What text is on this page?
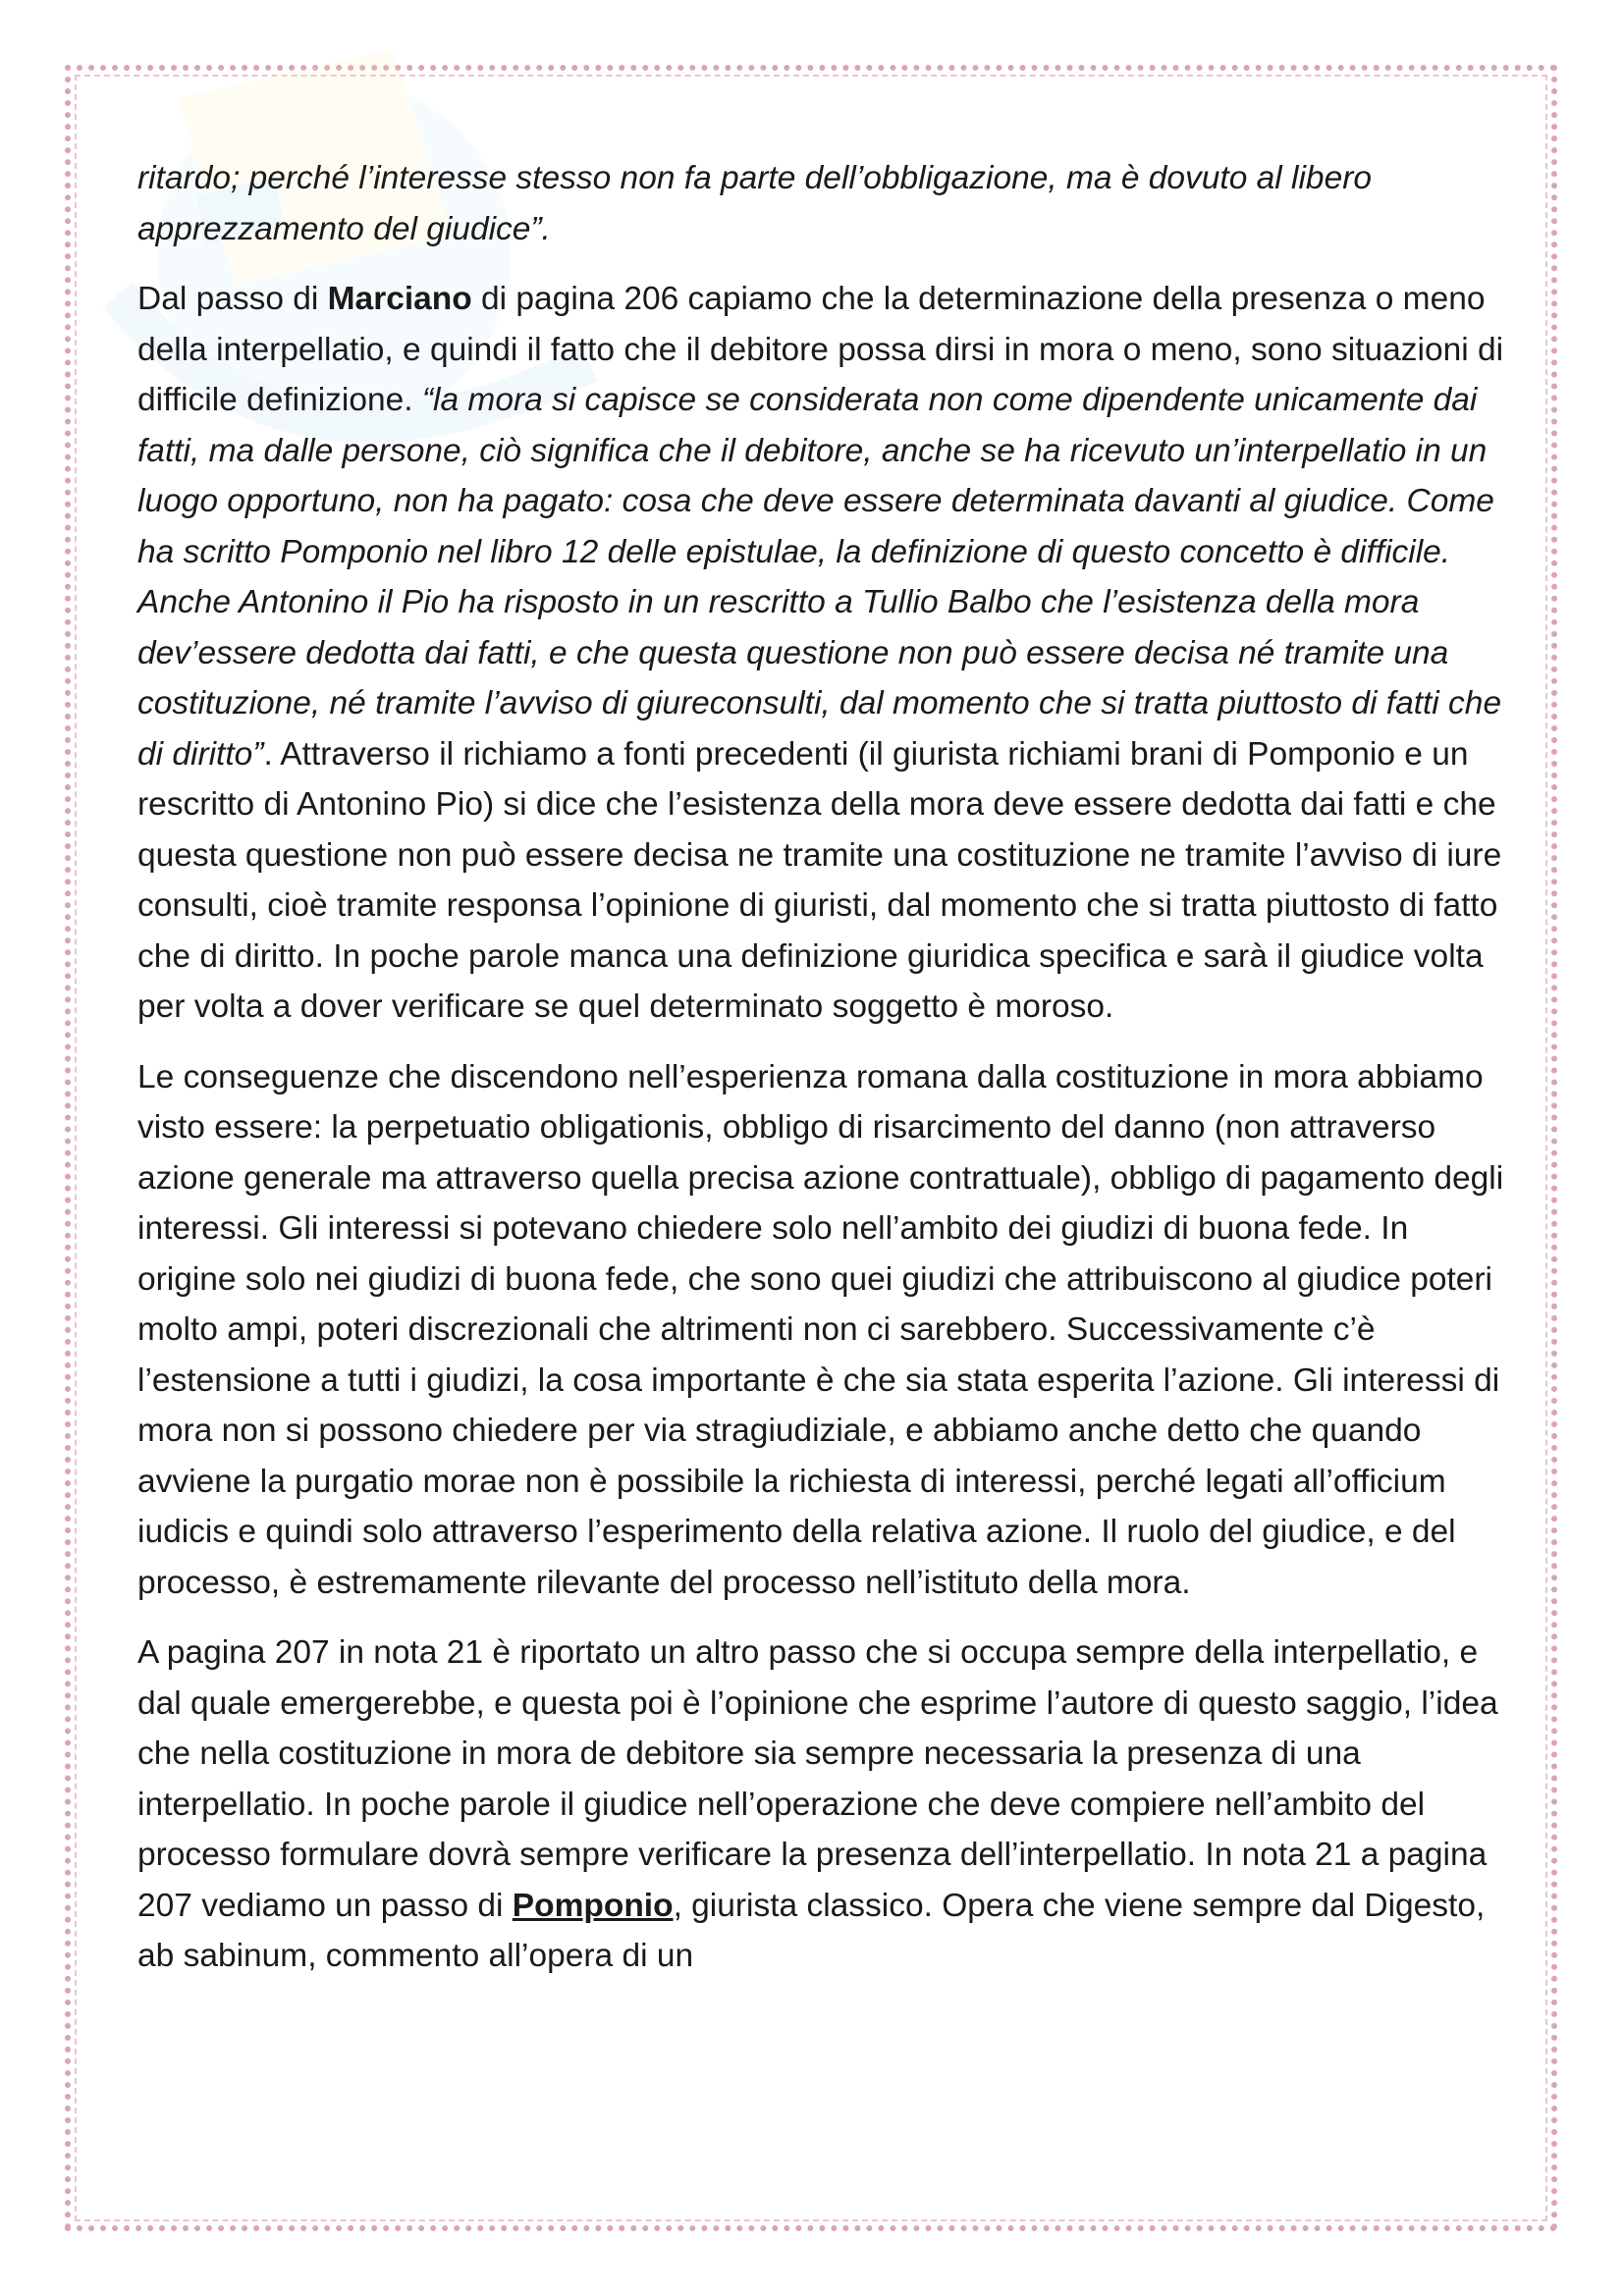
ritardo; perché l’interesse stesso non fa parte dell’obbligazione, ma è dovuto al libero apprezzamento del giudice”.

Dal passo di Marciano di pagina 206 capiamo che la determinazione della presenza o meno della interpellatio, e quindi il fatto che il debitore possa dirsi in mora o meno, sono situazioni di difficile definizione. “la mora si capisce se considerata non come dipendente unicamente dai fatti, ma dalle persone, ciò significa che il debitore, anche se ha ricevuto un’interpellatio in un luogo opportuno, non ha pagato: cosa che deve essere determinata davanti al giudice. Come ha scritto Pomponio nel libro 12 delle epistulae, la definizione di questo concetto è difficile. Anche Antonino il Pio ha risposto in un rescritto a Tullio Balbo che l’esistenza della mora dev’essere dedotta dai fatti, e che questa questione non può essere decisa né tramite una costituzione, né tramite l’avviso di giureconsulti, dal momento che si tratta piuttosto di fatti che di diritto”. Attraverso il richiamo a fonti precedenti (il giurista richiami brani di Pomponio e un rescritto di Antonino Pio) si dice che l’esistenza della mora deve essere dedotta dai fatti e che questa questione non può essere decisa ne tramite una costituzione ne tramite l’avviso di iure consulti, cioè tramite responsa l’opinione di giuristi, dal momento che si tratta piuttosto di fatto che di diritto. In poche parole manca una definizione giuridica specifica e sarà il giudice volta per volta a dover verificare se quel determinato soggetto è moroso.

Le conseguenze che discendono nell’esperienza romana dalla costituzione in mora abbiamo visto essere: la perpetuatio obligationis, obbligo di risarcimento del danno (non attraverso azione generale ma attraverso quella precisa azione contrattuale), obbligo di pagamento degli interessi. Gli interessi si potevano chiedere solo nell’ambito dei giudizi di buona fede. In origine solo nei giudizi di buona fede, che sono quei giudizi che attribuiscono al giudice poteri molto ampi, poteri discrezionali che altrimenti non ci sarebbero. Successivamente c’è l’estensione a tutti i giudizi, la cosa importante è che sia stata esperita l’azione. Gli interessi di mora non si possono chiedere per via stragiudiziale, e abbiamo anche detto che quando avviene la purgatio morae non è possibile la richiesta di interessi, perché legati all’officium iudicis e quindi solo attraverso l’esperimento della relativa azione. Il ruolo del giudice, e del processo, è estremamente rilevante del processo nell’istituto della mora.

A pagina 207 in nota 21 è riportato un altro passo che si occupa sempre della interpellatio, e dal quale emergerebbe, e questa poi è l’opinione che esprime l’autore di questo saggio, l’idea che nella costituzione in mora de debitore sia sempre necessaria la presenza di una interpellatio. In poche parole il giudice nell’operazione che deve compiere nell’ambito del processo formulare dovrà sempre verificare la presenza dell’interpellatio. In nota 21 a pagina 207 vediamo un passo di Pomponio, giurista classico. Opera che viene sempre dal Digesto, ab sabinum, commento all’opera di un
